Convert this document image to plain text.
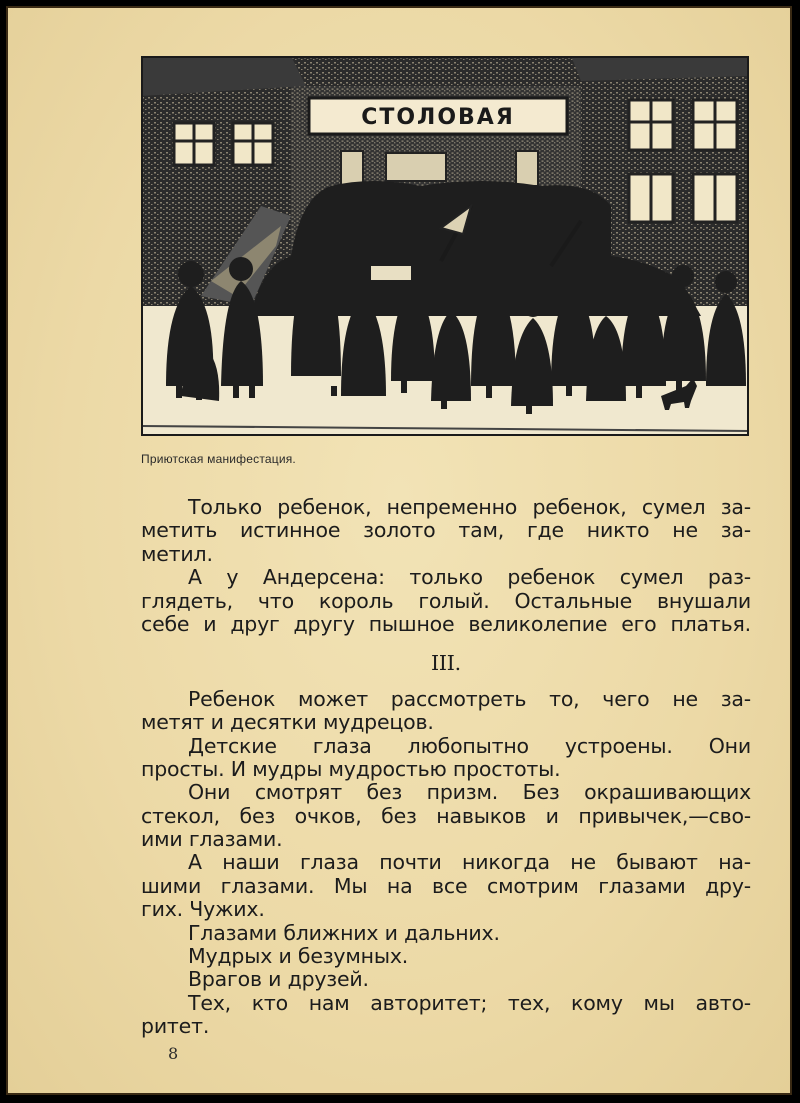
СТОЛОВАЯ
Приютская манифестация.
Только ребенок, непременно ребенок, сумел за-
метить истинное золото там, где никто не за-
метил.
А у Андерсена: только ребенок сумел раз-
глядеть, что король голый. Остальные внушали
себе и друг другу пышное великолепие его платья.
III.
Ребенок может рассмотреть то, чего не за-
метят и десятки мудрецов.
Детские глаза любопытно устроены. Они
просты. И мудры мудростью простоты.
Они смотрят без призм. Без окрашивающих
стекол, без очков, без навыков и привычек,—сво-
ими глазами.
А наши глаза почти никогда не бывают на-
шими глазами. Мы на все смотрим глазами дру-
гих. Чужих.
Глазами ближних и дальних.
Мудрых и безумных.
Врагов и друзей.
Тех, кто нам авторитет; тех, кому мы авто-
ритет.
8
